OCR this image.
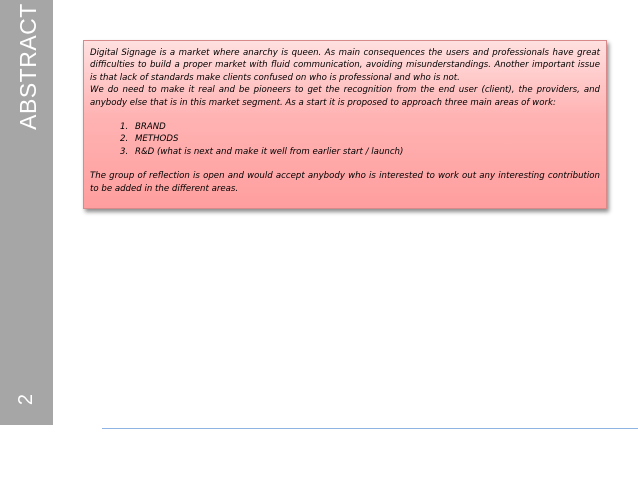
ABSTRACT
2

Digital Signage is a market where anarchy is queen. As main consequences the users and professionals have great difficulties to build a proper market with fluid communication, avoiding misunderstandings. Another important issue is that lack of standards make clients confused on who is professional and who is not.

We do need to make it real and be pioneers to get the recognition from the end user (client), the providers, and anybody else that is in this market segment. As a start it is proposed to approach three main areas of work:

1. BRAND
2. METHODS
3. R&D (what is next and make it well from earlier start / launch)

The group of reflection is open and would accept anybody who is interested to work out any interesting contribution to be added in the different areas.
